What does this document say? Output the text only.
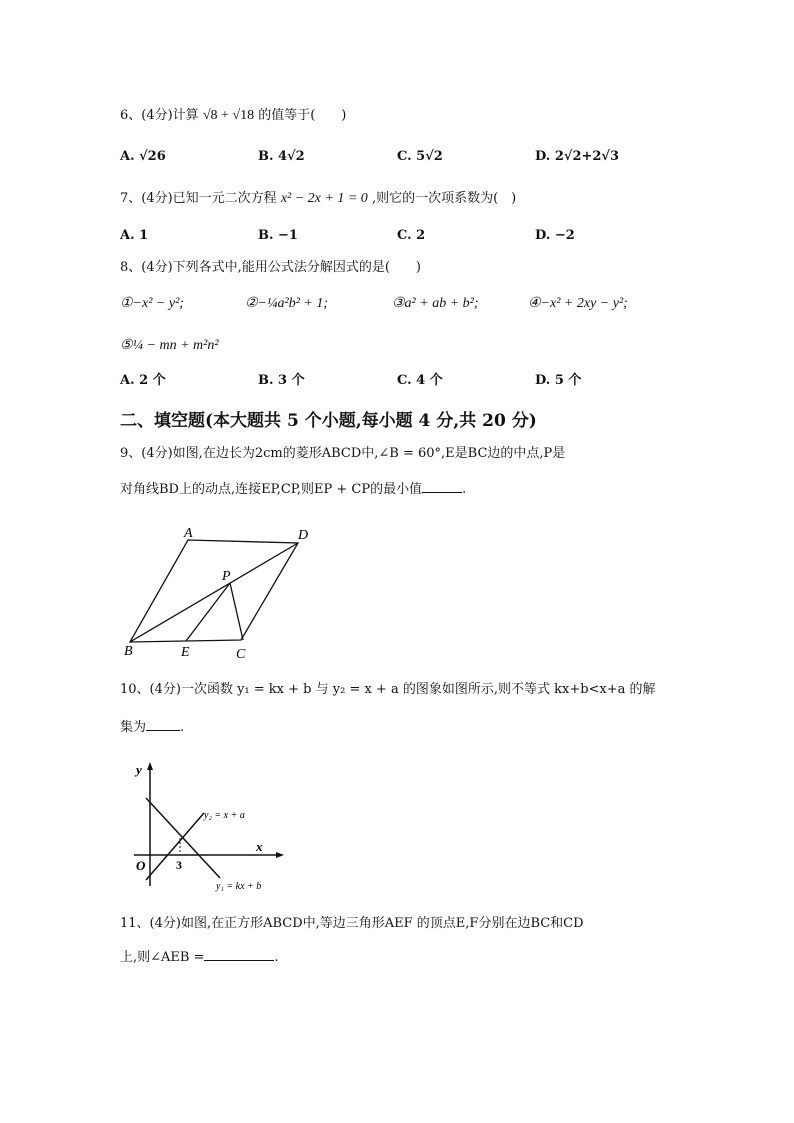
6、(4分)计算 √8 + √18 的值等于(　　)
A. √26	B. 4√2	C. 5√2	D. 2√2+2√3
7、(4分)已知一元二次方程 x² − 2x + 1 = 0 ,则它的一次项系数为(　)
A. 1	B. −1	C. 2	D. −2
8、(4分)下列各式中,能用公式法分解因式的是(　　)
①−x² − y²;	②−¼a²b² + 1;	③a² + ab + b²;	④−x² + 2xy − y²;
⑤¼ − mn + m²n²
A. 2 个	B. 3 个	C. 4 个	D. 5 个
二、填空题(本大题共 5 个小题,每小题 4 分,共 20 分)
9、(4分)如图,在边长为2cm的菱形ABCD中,∠B = 60°,E是BC边的中点,P是
对角线BD上的动点,连接EP,CP,则EP + CP的最小值	.
A	D
P
B	E	C
10、(4分)一次函数 y₁ = kx + b 与 y₂ = x + a 的图象如图所示,则不等式 kx+b<x+a 的解
集为	.
y
x
O	3
y₂ = x + a
y₁ = kx + b
11、(4分)如图,在正方形ABCD中,等边三角形AEF 的顶点E,F分别在边BC和CD
上,则∠AEB =	.
